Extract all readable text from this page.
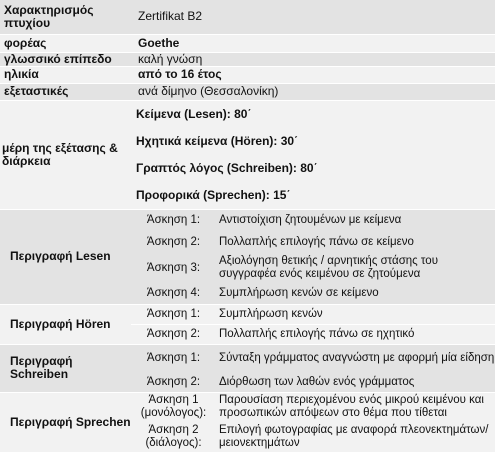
Χαρακτηρισμός πτυχίου	Zertifikat B2	
φορέας	Goethe	
γλωσσικό επίπεδο	καλή γνώση	
ηλικία	από το 16 έτος	
εξεταστικές	ανά δίμηνο (Θεσσαλονίκη)	
μέρη της εξέτασης & διάρκεια	Κείμενα (Lesen): 80΄
Ηχητικά κείμενα (Hören): 30΄
Γραπτός λόγος (Schreiben): 80΄
Προφορικά (Sprechen): 15΄	

Περιγραφή Lesen	Άσκηση 1:	Αντιστοίχιση ζητουμένων με κείμενα
	Άσκηση 2:	Πολλαπλής επιλογής πάνω σε κείμενο
	Άσκηση 3:	Αξιολόγηση θετικής / αρνητικής στάσης του συγγραφέα ενός κειμένου σε ζητούμενα
	Άσκηση 4:	Συμπλήρωση κενών σε κείμενο
Περιγραφή Hören	Άσκηση 1:	Συμπλήρωση κενών
	Άσκηση 2:	Πολλαπλής επιλογής πάνω σε ηχητικό
Περιγραφή Schreiben	Άσκηση 1:	Σύνταξη γράμματος αναγνώστη με αφορμή μία είδηση
	Άσκηση 2:	Διόρθωση των λαθών ενός γράμματος
Περιγραφή Sprechen	Άσκηση 1 (μονόλογος):	Παρουσίαση περιεχομένου ενός μικρού κειμένου και προσωπικών απόψεων στο θέμα που τίθεται
	Άσκηση 2 (διάλογος):	Επιλογή φωτογραφίας με αναφορά πλεονεκτημάτων/μειονεκτημάτων
